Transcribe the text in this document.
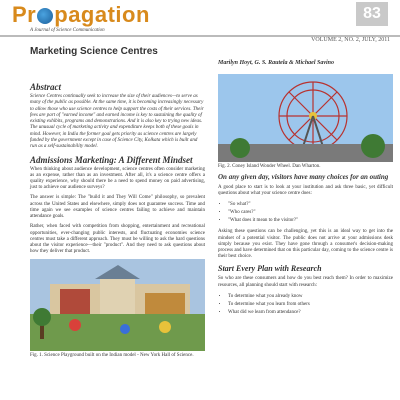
Pr pagation
A Journal of Science Communication
83
VOLUME 2, NO. 2, JULY, 2011
Marketing Science Centres
Marilyn Hoyt, G. S. Rautela & Michael Savino
Abstract

Science Centres continually seek to increase the size of their audiences—to serve as many of the public as possible. At the same time, it is becoming increasingly necessary to allow those who use science centres to help support the costs of their services. Their fees are part of "earned income" and earned income is key to sustaining the quality of existing exhibits, programs and demonstrations. And it is also key to trying new ideas. The unusual cycle of marketing activity and expenditure keeps both of these goals in mind. However, in India the former goal gets priority as science centres are largely funded by the government except in case of Science City, Kolkata which is built and run as a self-sustainability model.

Admissions Marketing: A Different Mindset

When thinking about audience development, science centres often consider marketing as an expense, rather than as an investment. After all, it's a science centre offers a quality experience, why should there be a need to spend money on paid advertising, just to achieve our audience surveys?

The answer is simple: The "build it and They Will Come" philosophy, so prevalent across the United States and elsewhere, simply does not guarantee success. Time and time again we see examples of science centres failing to achieve and maintain attendance goals.

Rather, when faced with competition from shopping, entertainment and recreational opportunities, ever-changing public interests, and fluctuating economies science centres must take a different approach. They must be willing to ask the hard questions about the visitor experience—their "product". And they need to ask questions about how they deliver that product.

Fig. 1. Science Playground built on the Indian model - New York Hall of Science.
Fig. 2. Coney Island Wonder Wheel. Dan Wharton.
On any given day, visitors have many choices for an outing

A good place to start is to look at your institution and ask three basic, yet difficult questions about what your science centre does:

• "So what?"
• "Who cares?"
• "What does it mean to the visitor?"

Asking these questions can be challenging, yet this is an ideal way to get into the mindset of a potential visitor. The public does not arrive at your admissions desk simply because you exist. They have gone through a consumer's decision-making process and have determined that on this particular day, coming to the science centre is their best choice.

Start Every Plan with Research

So who are these consumers and how do you best reach them? In order to maximize resources, all planning should start with research:

• To determine what you already know
• To determine what you learn from others
• What did we learn from attendance?
